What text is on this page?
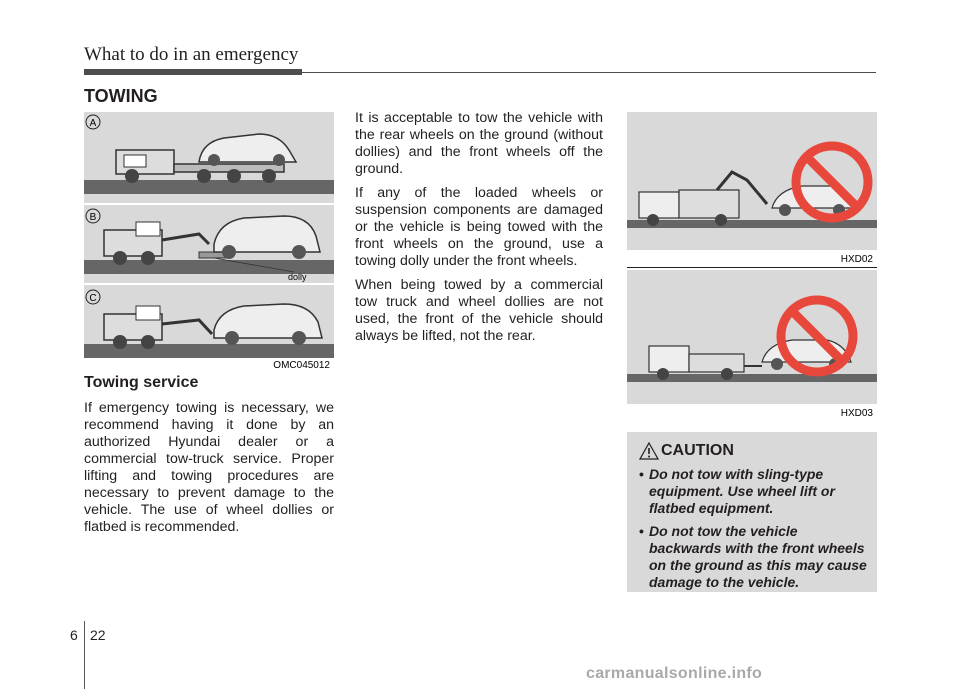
What to do in an emergency
TOWING
A
B
C
dolly
OMC045012
Towing service

If emergency towing is necessary, we recommend having it done by an authorized Hyundai dealer or a commercial tow-truck service. Proper lifting and towing procedures are necessary to prevent damage to the vehicle. The use of wheel dollies or flatbed is recommended.

It is acceptable to tow the vehicle with the rear wheels on the ground (without dollies) and the front wheels off the ground.

If any of the loaded wheels or suspension components are damaged or the vehicle is being towed with the front wheels on the ground, use a towing dolly under the front wheels.

When being towed by a commercial tow truck and wheel dollies are not used, the front of the vehicle should always be lifted, not the rear.

HXD02
HXD03
CAUTION
• Do not tow with sling-type equipment. Use wheel lift or flatbed equipment.
• Do not tow the vehicle backwards with the front wheels on the ground as this may cause damage to the vehicle.
6 22
carmanualsonline.info
